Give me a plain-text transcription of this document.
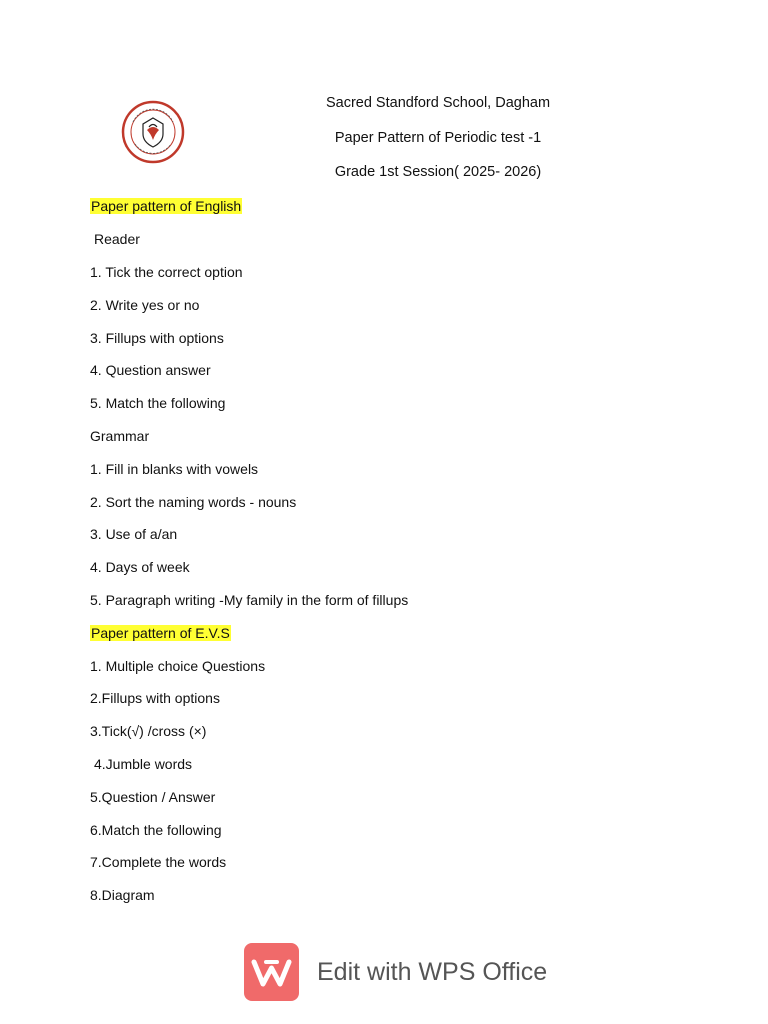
Sacred Standford School, Dagham
Paper Pattern of Periodic test -1
Grade 1st Session( 2025- 2026)
Paper pattern of English
Reader
1. Tick the correct option
2. Write yes or no
3. Fillups with options
4. Question answer
5. Match the following
Grammar
1. Fill in blanks with vowels
2. Sort the naming words - nouns
3. Use of a/an
4. Days of week
5. Paragraph writing -My family in the form of fillups
Paper pattern of E.V.S
1. Multiple choice Questions
2.Fillups with options
3.Tick(√) /cross (×)
4.Jumble words
5.Question / Answer
6.Match the following
7.Complete the words
8.Diagram
Edit with WPS Office
